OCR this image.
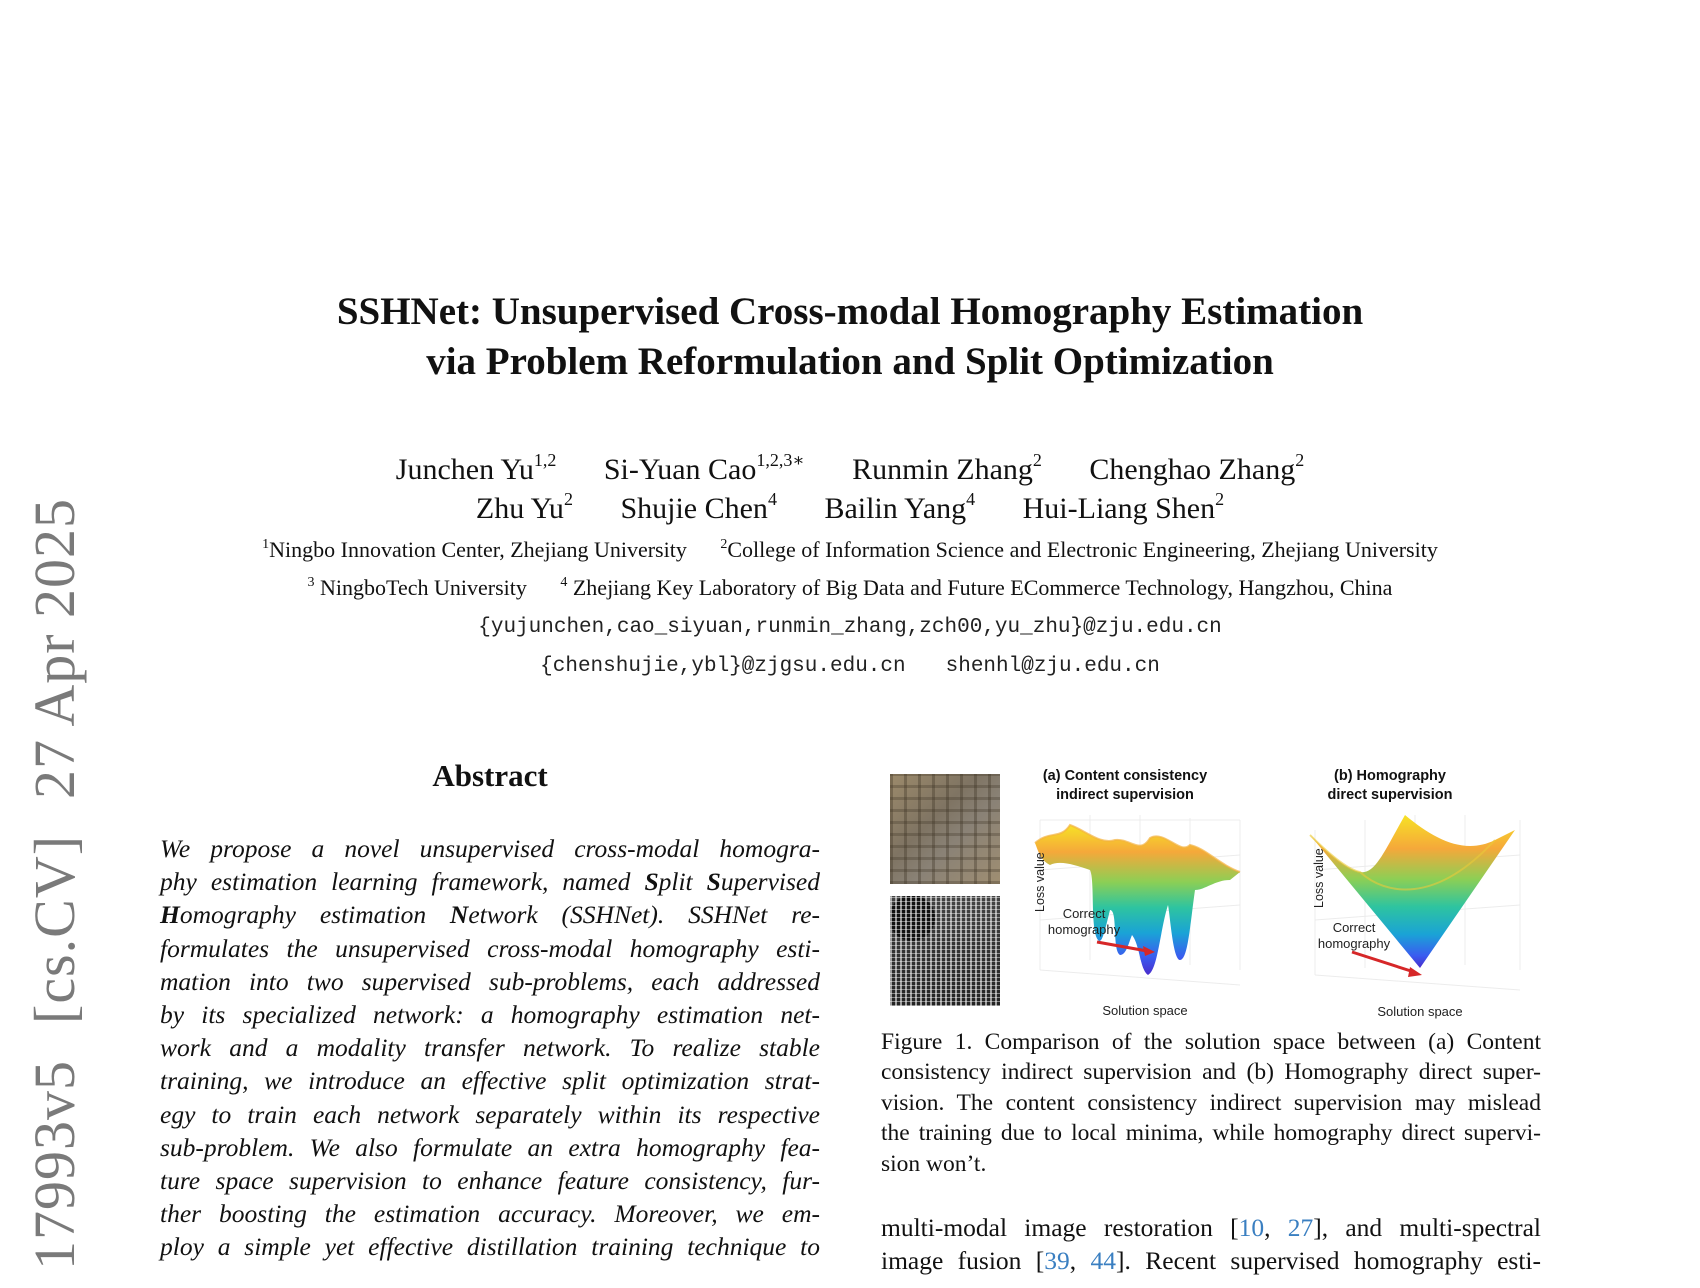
17993v5[cs.CV]27 Apr 2025
SSHNet: Unsupervised Cross-modal Homography Estimation
via Problem Reformulation and Split Optimization
Junchen Yu$^{1,2}$ Si-Yuan Cao$^{1,2,3∗}$ Runmin Zhang$^2$ Chenghao Zhang$^2$
Zhu Yu$^2$ Shujie Chen$^4$ Bailin Yang$^4$ Hui-Liang Shen$^2$
$^1$Ningbo Innovation Center, Zhejiang University $^2$College of Information Science and Electronic Engineering, Zhejiang University
$^3$ NingboTech University $^4$ Zhejiang Key Laboratory of Big Data and Future ECommerce Technology, Hangzhou, China
{yujunchen,cao_siyuan,runmin_zhang,zch00,yu_zhu}@zju.edu.cn
{chenshujie,ybl}@zjgsu.edu.cn shenhl@zju.edu.cn
Abstract
We propose a novel unsupervised cross-modal homogra-
phy estimation learning framework, named Split Supervised
Homography estimation Network (SSHNet). SSHNet re-
formulates the unsupervised cross-modal homography esti-
mation into two supervised sub-problems, each addressed
by its specialized network: a homography estimation net-
work and a modality transfer network. To realize stable
training, we introduce an effective split optimization strat-
egy to train each network separately within its respective
sub-problem. We also formulate an extra homography fea-
ture space supervision to enhance feature consistency, fur-
ther boosting the estimation accuracy. Moreover, we em-
ploy a simple yet effective distillation training technique to
(a) Content consistency
indirect supervision
Loss value
Correct
homography
Solution space
(b) Homography
direct supervision
Loss value
Correct
homography
Solution space
Figure 1. Comparison of the solution space between (a) Content
consistency indirect supervision and (b) Homography direct super-
vision. The content consistency indirect supervision may mislead
the training due to local minima, while homography direct supervi-
sion won’t.
multi-modal image restoration [10, 27], and multi-spectral
image fusion [39, 44]. Recent supervised homography esti-
